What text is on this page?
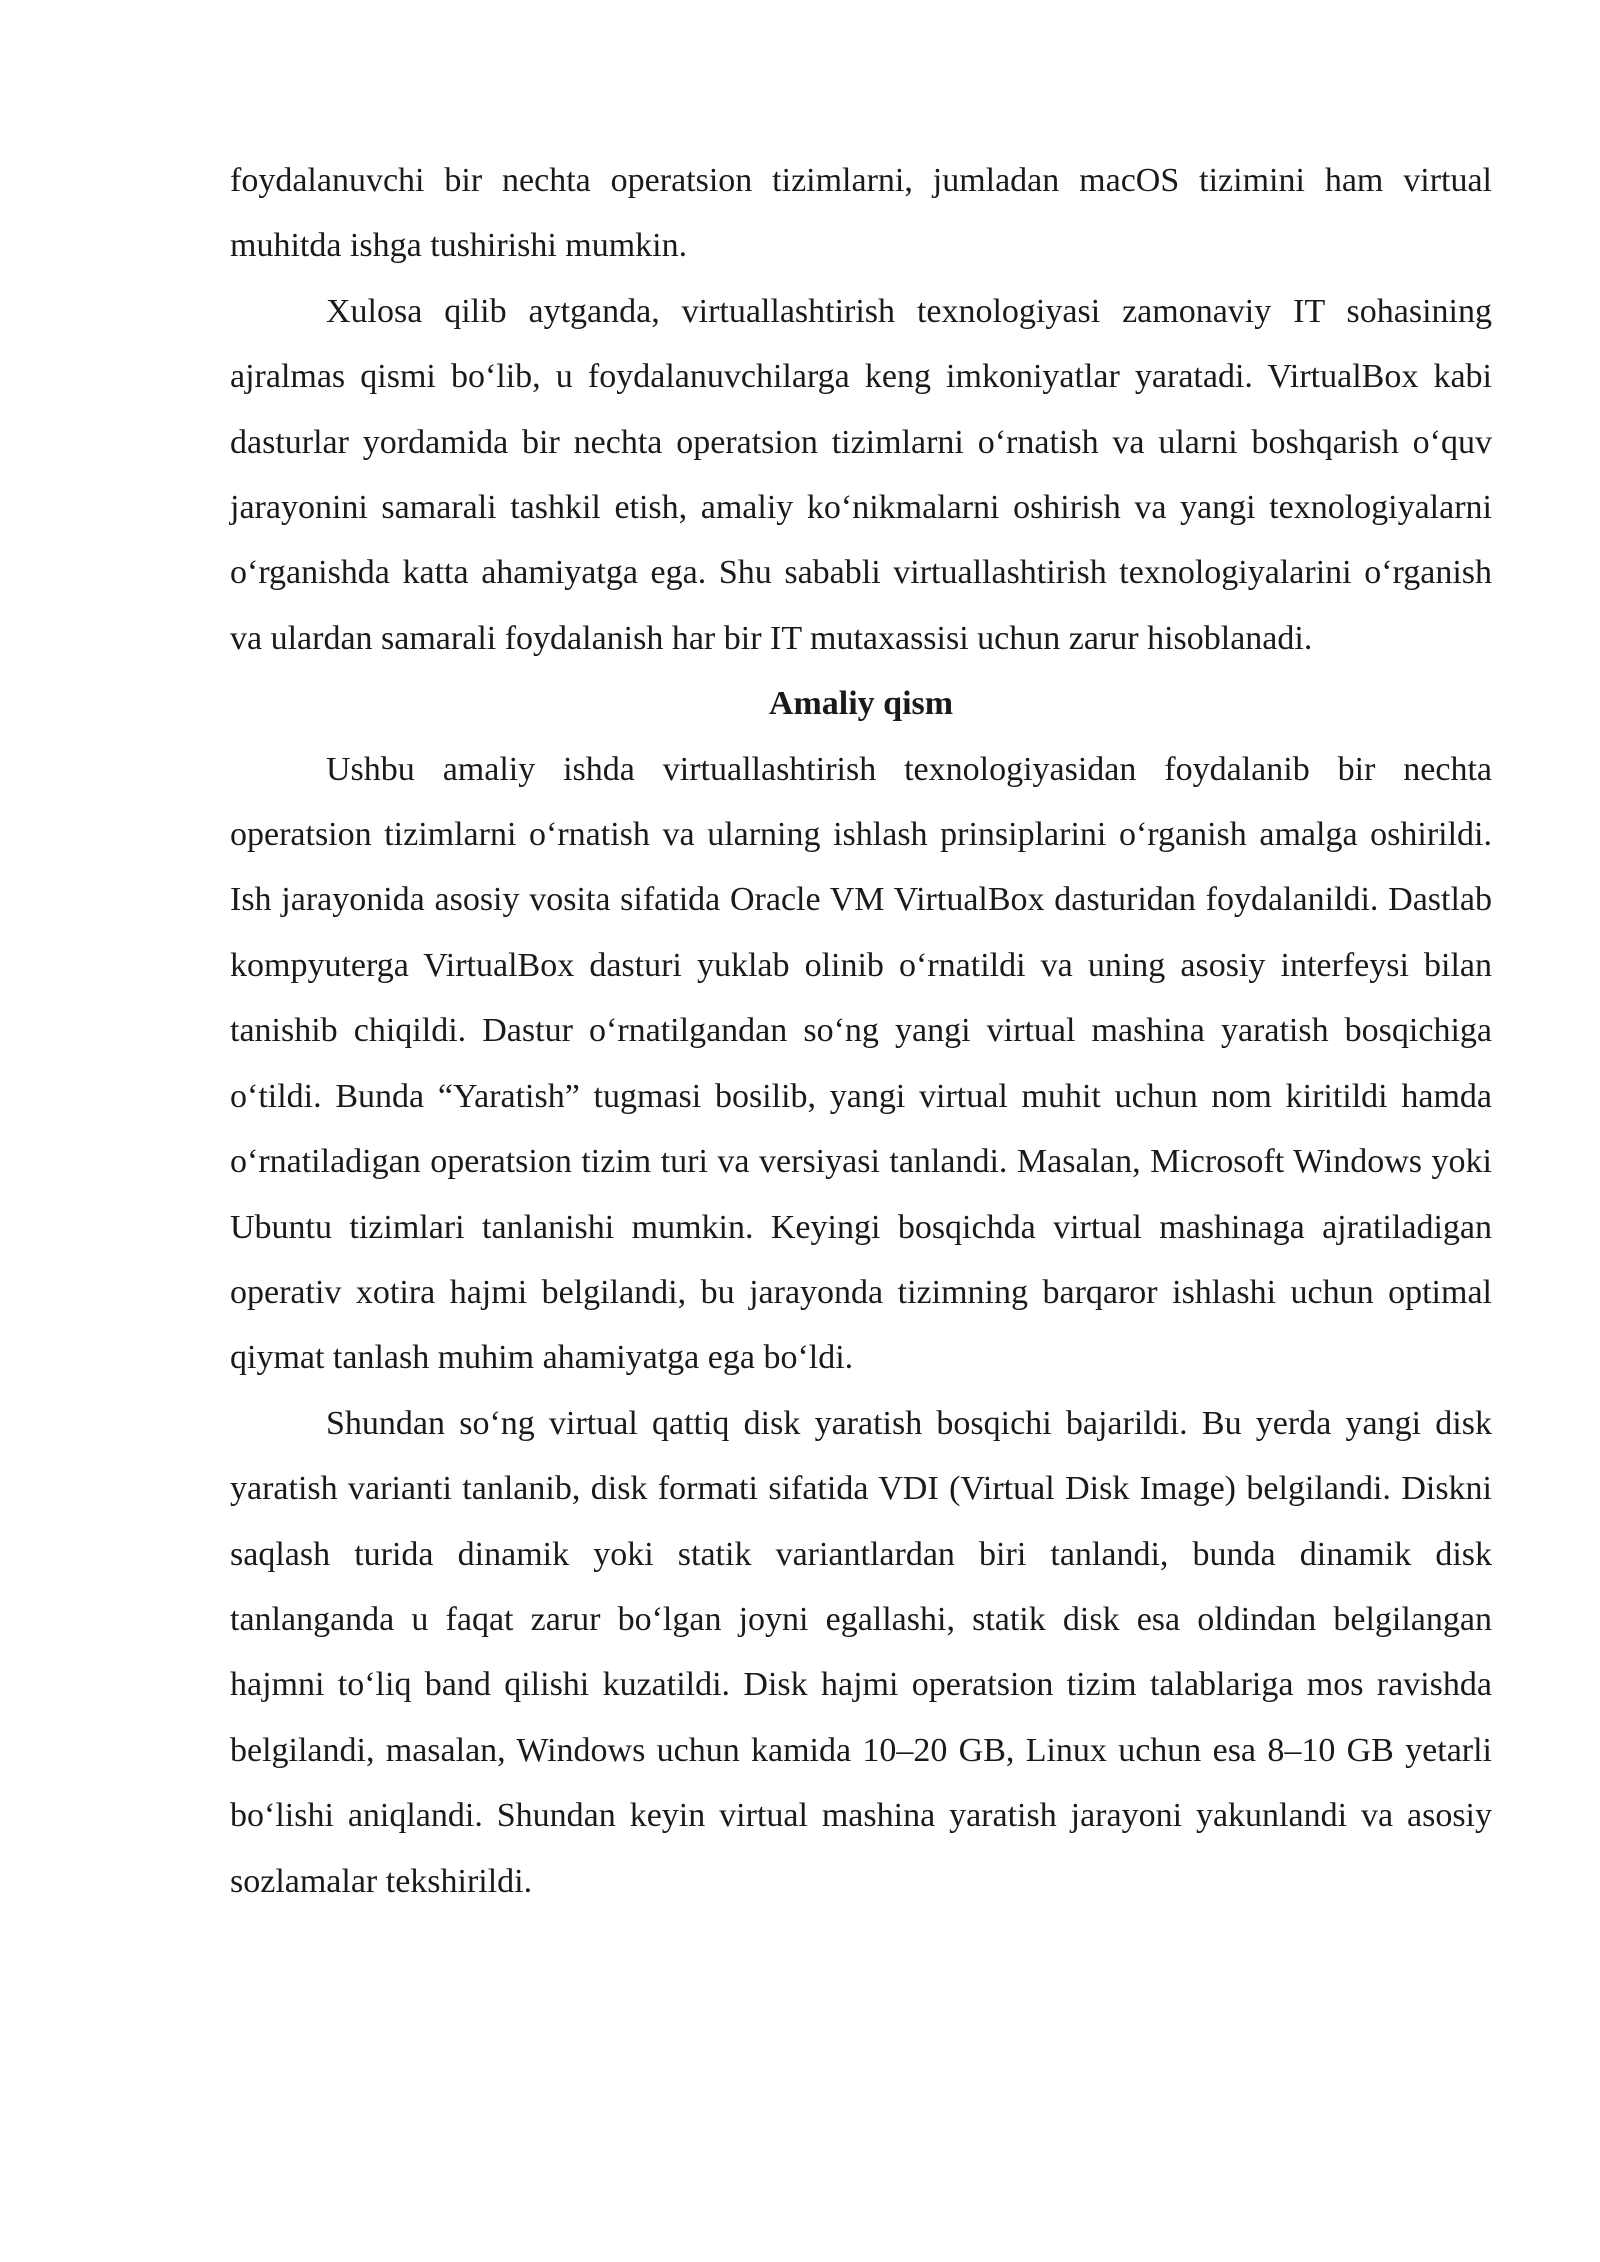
foydalanuvchi bir nechta operatsion tizimlarni, jumladan macOS tizimini ham virtual muhitda ishga tushirishi mumkin.

Xulosa qilib aytganda, virtuallashtirish texnologiyasi zamonaviy IT sohasining ajralmas qismi bo‘lib, u foydalanuvchilarga keng imkoniyatlar yaratadi. VirtualBox kabi dasturlar yordamida bir nechta operatsion tizimlarni o‘rnatish va ularni boshqarish o‘quv jarayonini samarali tashkil etish, amaliy ko‘nikmalarni oshirish va yangi texnologiyalarni o‘rganishda katta ahamiyatga ega. Shu sababli virtuallashtirish texnologiyalarini o‘rganish va ulardan samarali foydalanish har bir IT mutaxassisi uchun zarur hisoblanadi.

Amaliy qism

Ushbu amaliy ishda virtuallashtirish texnologiyasidan foydalanib bir nechta operatsion tizimlarni o‘rnatish va ularning ishlash prinsiplarini o‘rganish amalga oshirildi. Ish jarayonida asosiy vosita sifatida Oracle VM VirtualBox dasturidan foydalanildi. Dastlab kompyuterga VirtualBox dasturi yuklab olinib o‘rnatildi va uning asosiy interfeysi bilan tanishib chiqildi. Dastur o‘rnatilgandan so‘ng yangi virtual mashina yaratish bosqichiga o‘tildi. Bunda “Yaratish” tugmasi bosilib, yangi virtual muhit uchun nom kiritildi hamda o‘rnatiladigan operatsion tizim turi va versiyasi tanlandi. Masalan, Microsoft Windows yoki Ubuntu tizimlari tanlanishi mumkin. Keyingi bosqichda virtual mashinaga ajratiladigan operativ xotira hajmi belgilandi, bu jarayonda tizimning barqaror ishlashi uchun optimal qiymat tanlash muhim ahamiyatga ega bo‘ldi.

Shundan so‘ng virtual qattiq disk yaratish bosqichi bajarildi. Bu yerda yangi disk yaratish varianti tanlanib, disk formati sifatida VDI (Virtual Disk Image) belgilandi. Diskni saqlash turida dinamik yoki statik variantlardan biri tanlandi, bunda dinamik disk tanlanganda u faqat zarur bo‘lgan joyni egallashi, statik disk esa oldindan belgilangan hajmni to‘liq band qilishi kuzatildi. Disk hajmi operatsion tizim talablariga mos ravishda belgilandi, masalan, Windows uchun kamida 10–20 GB, Linux uchun esa 8–10 GB yetarli bo‘lishi aniqlandi. Shundan keyin virtual mashina yaratish jarayoni yakunlandi va asosiy sozlamalar tekshirildi.
